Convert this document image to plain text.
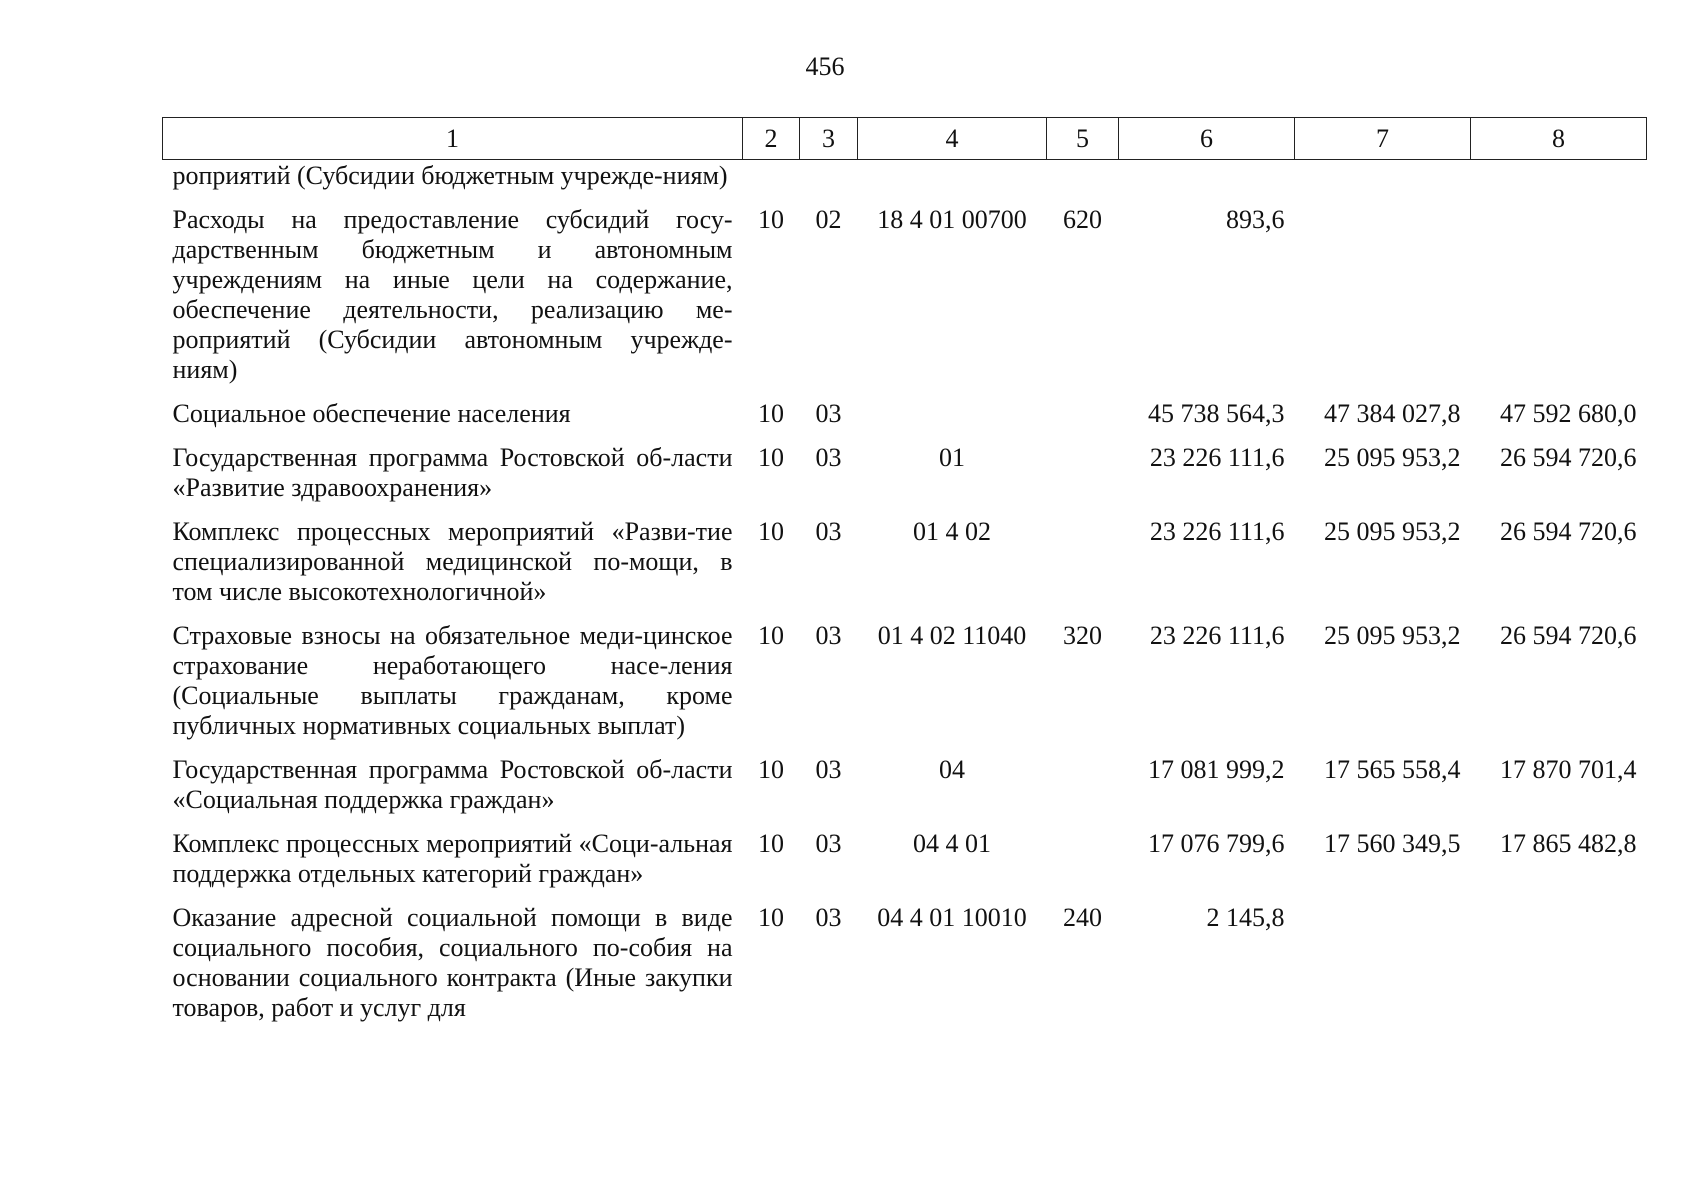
456
1	2	3	4	5	6	7	8
роприятий (Субсидии бюджетным учрежде-ниям)							
Расходы на предоставление субсидий госу-дарственным бюджетным и автономным учреждениям на иные цели на содержание, обеспечение деятельности, реализацию ме-роприятий (Субсидии автономным учрежде-ниям)	10	02	18 4 01 00700	620	893,6		
Социальное обеспечение населения	10	03			45 738 564,3	47 384 027,8	47 592 680,0
Государственная программа Ростовской об-ласти «Развитие здравоохранения»	10	03	01		23 226 111,6	25 095 953,2	26 594 720,6
Комплекс процессных мероприятий «Разви-тие специализированной медицинской по-мощи, в том числе высокотехнологичной»	10	03	01 4 02		23 226 111,6	25 095 953,2	26 594 720,6
Страховые взносы на обязательное меди-цинское страхование неработающего насе-ления (Социальные выплаты гражданам, кроме публичных нормативных социальных выплат)	10	03	01 4 02 11040	320	23 226 111,6	25 095 953,2	26 594 720,6
Государственная программа Ростовской об-ласти «Социальная поддержка граждан»	10	03	04		17 081 999,2	17 565 558,4	17 870 701,4
Комплекс процессных мероприятий «Соци-альная поддержка отдельных категорий граждан»	10	03	04 4 01		17 076 799,6	17 560 349,5	17 865 482,8
Оказание адресной социальной помощи в виде социального пособия, социального по-собия на основании социального контракта (Иные закупки товаров, работ и услуг для	10	03	04 4 01 10010	240	2 145,8		
